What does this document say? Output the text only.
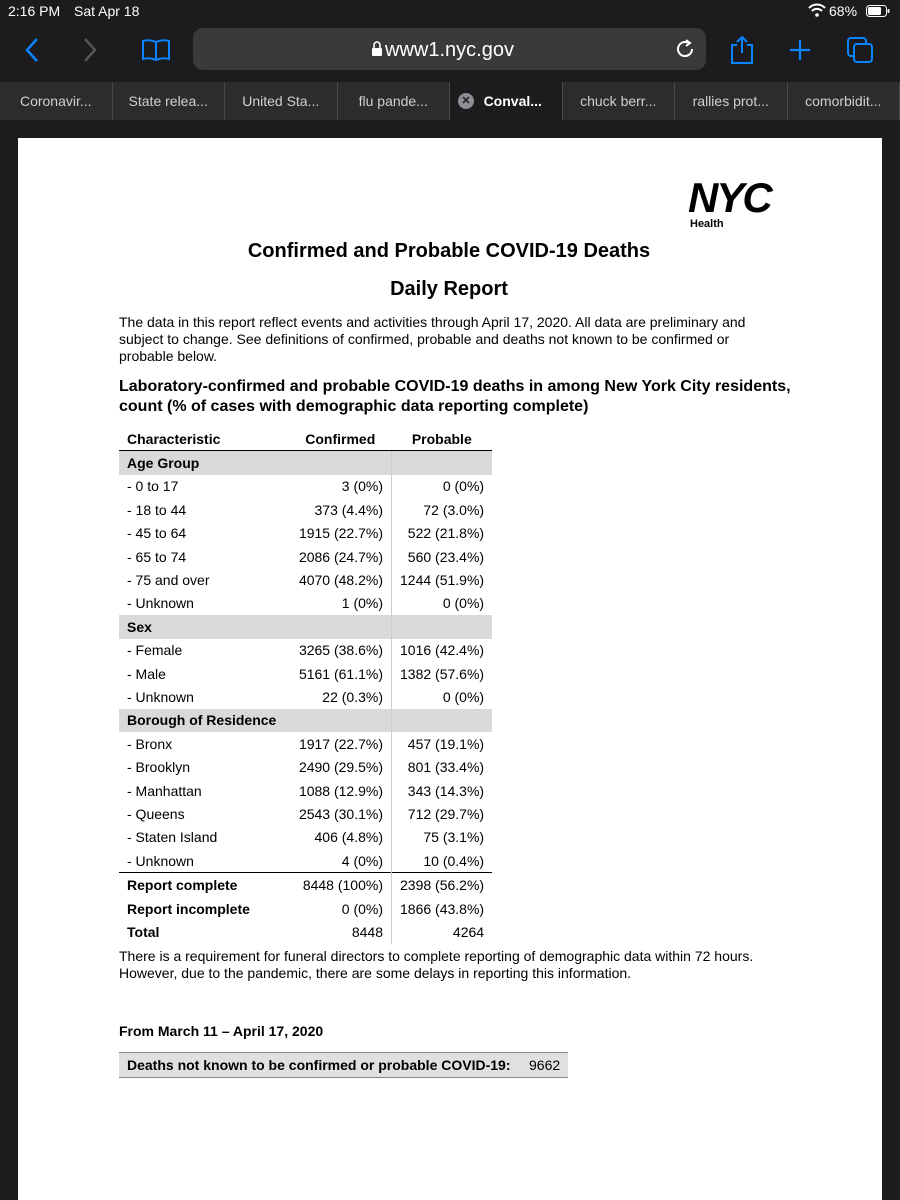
2:16 PM Sat Apr 18	68%
www1.nyc.gov
Coronavir...	State relea...	United Sta...	flu pande...	✕ Conval...	chuck berr...	rallies prot...	comorbidit...
NYC
Health
Confirmed and Probable COVID-19 Deaths
Daily Report
The data in this report reflect events and activities through April 17, 2020. All data are preliminary and subject to change. See definitions of confirmed, probable and deaths not known to be confirmed or probable below.
Laboratory-confirmed and probable COVID-19 deaths in among New York City residents, count (% of cases with demographic data reporting complete)
Characteristic	Confirmed	Probable
Age Group		
- 0 to 17	3 (0%)	0 (0%)
- 18 to 44	373 (4.4%)	72 (3.0%)
- 45 to 64	1915 (22.7%)	522 (21.8%)
- 65 to 74	2086 (24.7%)	560 (23.4%)
- 75 and over	4070 (48.2%)	1244 (51.9%)
- Unknown	1 (0%)	0 (0%)
Sex		
- Female	3265 (38.6%)	1016 (42.4%)
- Male	5161 (61.1%)	1382 (57.6%)
- Unknown	22 (0.3%)	0 (0%)
Borough of Residence		
- Bronx	1917 (22.7%)	457 (19.1%)
- Brooklyn	2490 (29.5%)	801 (33.4%)
- Manhattan	1088 (12.9%)	343 (14.3%)
- Queens	2543 (30.1%)	712 (29.7%)
- Staten Island	406 (4.8%)	75 (3.1%)
- Unknown	4 (0%)	10 (0.4%)
Report complete	8448 (100%)	2398 (56.2%)
Report incomplete	0 (0%)	1866 (43.8%)
Total	8448	4264
There is a requirement for funeral directors to complete reporting of demographic data within 72 hours. However, due to the pandemic, there are some delays in reporting this information.
From March 11 – April 17, 2020
Deaths not known to be confirmed or probable COVID-19: 9662
